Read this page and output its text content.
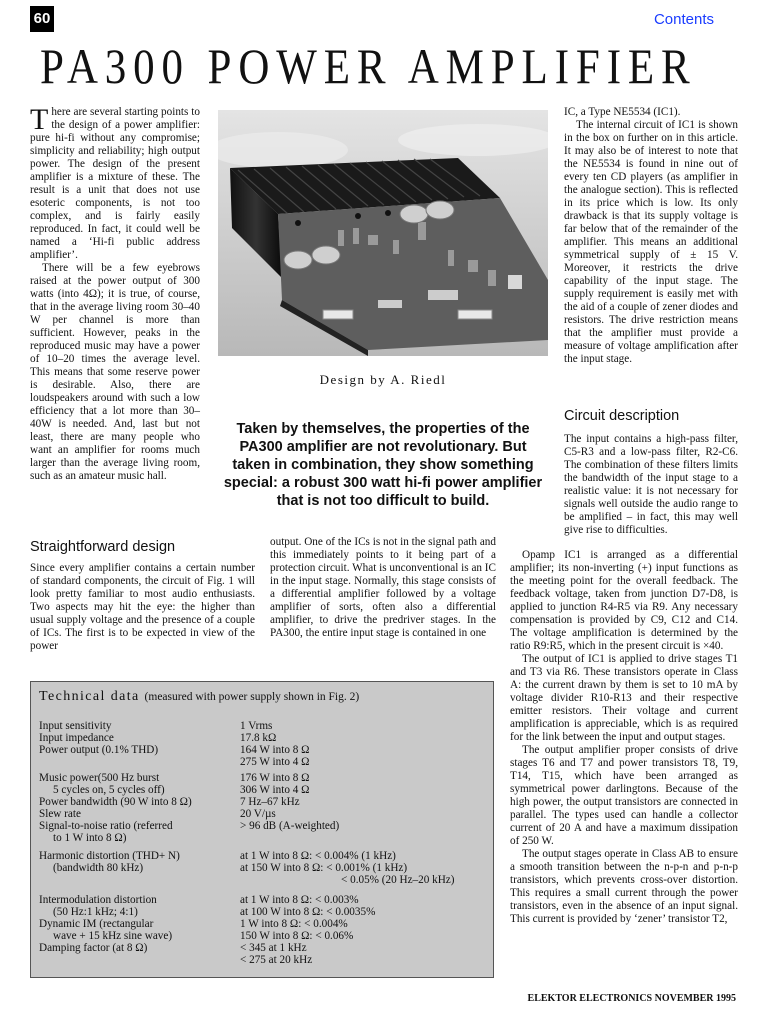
60	Contents
PA300 POWER AMPLIFIER

There are several starting points to the design of a power amplifier: pure hi-fi without any compromise; simplicity and reliability; high output power. The design of the present amplifier is a mixture of these. The result is a unit that does not use esoteric components, is not too complex, and is fairly easily reproduced. In fact, it could well be named a ‘Hi-fi public address amplifier’.

There will be a few eyebrows raised at the power output of 300 watts (into 4Ω); it is true, of course, that in the average living room 30–40 W per channel is more than sufficient. However, peaks in the reproduced music may have a power of 10–20 times the average level. This means that some reserve power is desirable. Also, there are loudspeakers around with such a low efficiency that a lot more than 30–40W is needed. And, last but not least, there are many people who want an amplifier for rooms much larger than the average living room, such as an amateur music hall.

Design by A. Riedl
Taken by themselves, the properties of the PA300 amplifier are not revolutionary. But taken in combination, they show something special: a robust 300 watt hi-fi power amplifier that is not too difficult to build.
Straightforward design

Since every amplifier contains a certain number of standard components, the circuit of Fig. 1 will look pretty familiar to most audio enthusiasts. Two aspects may hit the eye: the higher than usual supply voltage and the presence of a couple of ICs. The first is to be expected in view of the power

output. One of the ICs is not in the signal path and this immediately points to it being part of a protection circuit. What is unconventional is an IC in the input stage. Normally, this stage consists of a differential amplifier followed by a voltage amplifier of sorts, often also a differential amplifier, to drive the predriver stages. In the PA300, the entire input stage is contained in one

IC, a Type NE5534 (IC1).

The internal circuit of IC1 is shown in the box on further on in this article. It may also be of interest to note that the NE5534 is found in nine out of every ten CD players (as amplifier in the analogue section). This is reflected in its price which is low. Its only drawback is that its supply voltage is far below that of the remainder of the amplifier. This means an additional symmetrical supply of ± 15 V. Moreover, it restricts the drive capability of the input stage. The supply requirement is easily met with the aid of a couple of zener diodes and resistors. The drive restriction means that the amplifier must provide a measure of voltage amplification after the input stage.

Circuit description

The input contains a high-pass filter, C5-R3 and a low-pass filter, R2-C6. The combination of these filters limits the bandwidth of the input stage to a realistic value: it is not necessary for signals well outside the audio range to be amplified – in fact, this may well give rise to difficulties.

Opamp IC1 is arranged as a differential amplifier; its non-inverting (+) input functions as the meeting point for the overall feedback. The feedback voltage, taken from junction D7-D8, is applied to junction R4-R5 via R9. Any necessary compensation is provided by C9, C12 and C14. The voltage amplification is determined by the ratio R9:R5, which in the present circuit is ×40.

The output of IC1 is applied to drive stages T1 and T3 via R6. These transistors operate in Class A: the current drawn by them is set to 10 mA by voltage divider R10-R13 and their respective emitter resistors. Their voltage and current amplification is appreciable, which is as required for the link between the input and output stages.

The output amplifier proper consists of drive stages T6 and T7 and power transistors T8, T9, T14, T15, which have been arranged as symmetrical power darlingtons. Because of the high power, the output transistors are connected in parallel. The types used can handle a collector current of 20 A and have a maximum dissipation of 250 W.

The output stages operate in Class AB to ensure a smooth transition between the n-p-n and p-n-p transistors, which prevents cross-over distortion. This requires a small current through the power transistors, even in the absence of an input signal. This current is provided by ‘zener’ transistor T2,

Technical data (measured with power supply shown in Fig. 2)
Input sensitivity	1 Vrms
Input impedance	17.8 kΩ
Power output (0.1% THD)	164 W into 8 Ω
275 W into 4 Ω
Music power(500 Hz burst	176 W into 8 Ω
5 cycles on, 5 cycles off)	306 W into 4 Ω
Power bandwidth (90 W into 8 Ω)	7 Hz–67 kHz
Slew rate	20 V/µs
Signal-to-noise ratio (referred	> 96 dB (A-weighted)
to 1 W into 8 Ω)
Harmonic distortion (THD+ N)	at 1 W into 8 Ω: < 0.004% (1 kHz)
(bandwidth 80 kHz)	at 150 W into 8 Ω: < 0.001% (1 kHz)
< 0.05% (20 Hz–20 kHz)
Intermodulation distortion	at 1 W into 8 Ω: < 0.003%
(50 Hz:1 kHz; 4:1)	at 100 W into 8 Ω: < 0.0035%
Dynamic IM (rectangular	1 W into 8 Ω: < 0.004%
wave + 15 kHz sine wave)	150 W into 8 Ω: < 0.06%
Damping factor (at 8 Ω)	< 345 at 1 kHz
< 275 at 20 kHz
ELEKTOR ELECTRONICS NOVEMBER 1995
